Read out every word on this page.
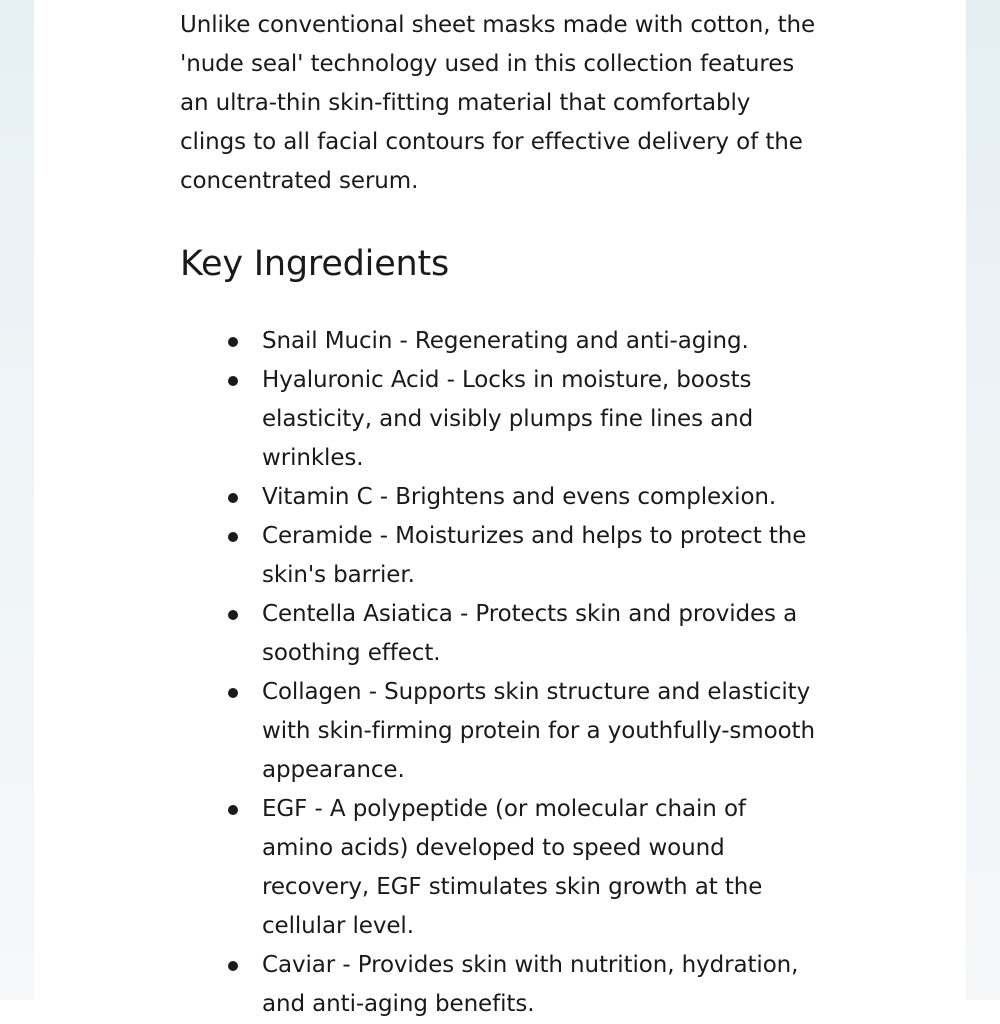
Unlike conventional sheet masks made with cotton, the 'nude seal' technology used in this collection features an ultra-thin skin-fitting material that comfortably clings to all facial contours for effective delivery of the concentrated serum.

Key Ingredients
Snail Mucin - Regenerating and anti-aging.
Hyaluronic Acid - Locks in moisture, boosts elasticity, and visibly plumps fine lines and wrinkles.
Vitamin C - Brightens and evens complexion.
Ceramide - Moisturizes and helps to protect the skin's barrier.
Centella Asiatica - Protects skin and provides a soothing effect.
Collagen - Supports skin structure and elasticity with skin-firming protein for a youthfully-smooth appearance.
EGF - A polypeptide (or molecular chain of amino acids) developed to speed wound recovery, EGF stimulates skin growth at the cellular level.
Caviar - Provides skin with nutrition, hydration, and anti-aging benefits.
